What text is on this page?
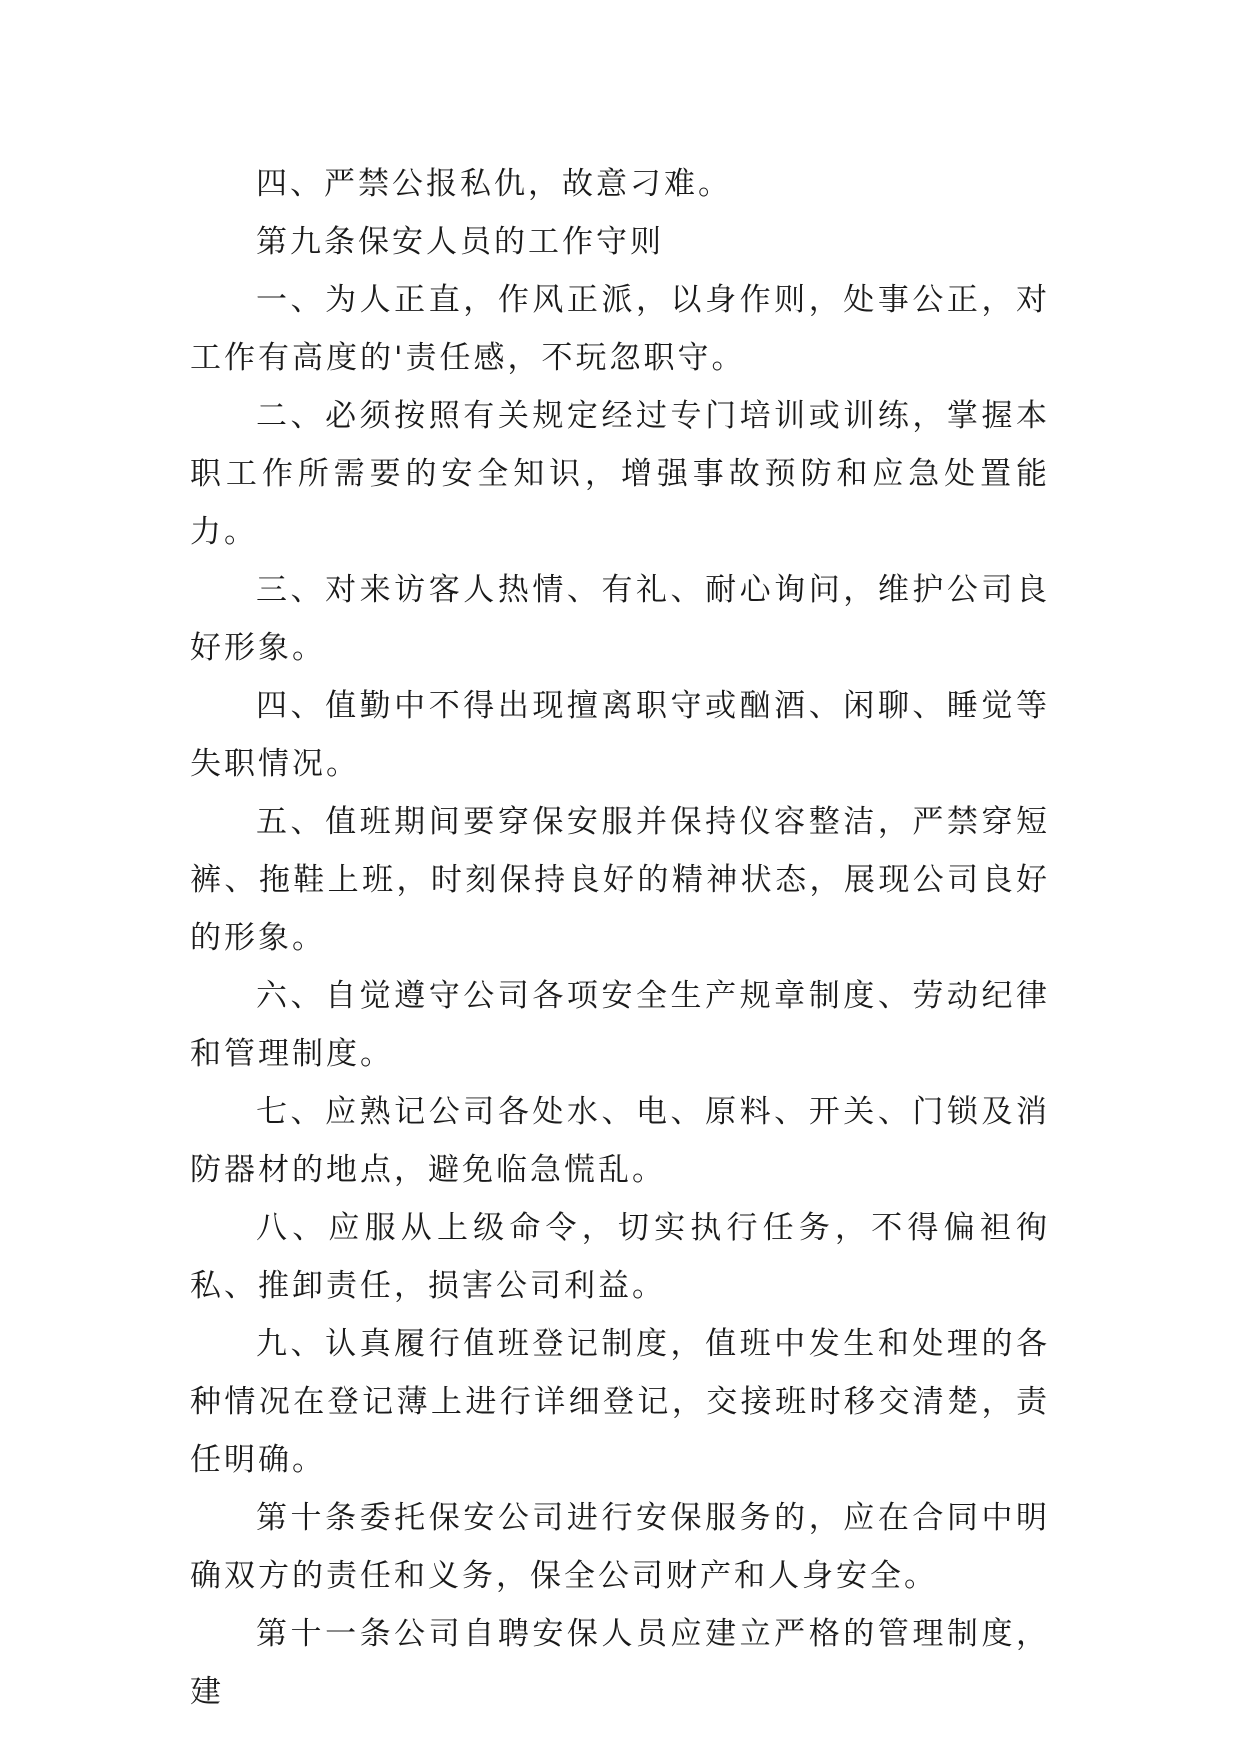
四、严禁公报私仇，故意刁难。

第九条保安人员的工作守则

一、为人正直，作风正派，以身作则，处事公正，对工作有高度的'责任感，不玩忽职守。

二、必须按照有关规定经过专门培训或训练，掌握本职工作所需要的安全知识，增强事故预防和应急处置能力。

三、对来访客人热情、有礼、耐心询问，维护公司良好形象。

四、值勤中不得出现擅离职守或酗酒、闲聊、睡觉等失职情况。

五、值班期间要穿保安服并保持仪容整洁，严禁穿短裤、拖鞋上班，时刻保持良好的精神状态，展现公司良好的形象。

六、自觉遵守公司各项安全生产规章制度、劳动纪律和管理制度。

七、应熟记公司各处水、电、原料、开关、门锁及消防器材的地点，避免临急慌乱。

八、应服从上级命令，切实执行任务，不得偏袒徇私、推卸责任，损害公司利益。

九、认真履行值班登记制度，值班中发生和处理的各种情况在登记薄上进行详细登记，交接班时移交清楚，责任明确。

第十条委托保安公司进行安保服务的，应在合同中明确双方的责任和义务，保全公司财产和人身安全。

第十一条公司自聘安保人员应建立严格的管理制度，建
